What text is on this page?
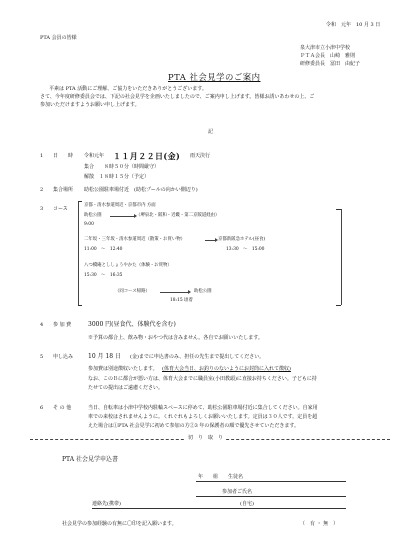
令和　元年　10 月 3 日
PTA 会員の皆様
泉大津市立小津中学校
ＰＴＡ会長　山崎　雅則
研修委員長　冨田　由紀子
PTA 社会見学のご案内
平素は PTA 活動にご理解、ご協力をいただきありがとうございます。
さて、今年度研修委員会では、下記の社会見学を企画いたしましたので、ご案内申し上げます。皆様お誘いあわせの上、ご
参加いただけますようお願い申し上げます。
記
1 日　　時 令和元年 １１月２２日(金) 雨天決行
集合　　８時５０分（時間厳守）
解散　１８時１５分（予定）
2 集合場所 助松公園駐車場付近　(助松プールの向かい側辺り)
3 コース
京都・清水参道周辺・京都市内 方面
助松公園	（堺泉北・阪和・近畿・第二京阪道経由）
9:00
二年坂・三年坂・清水参道周辺（散策・お買い物）	京都新阪急ホテル(昼食)
11:00　～　12:40	13:30　～　15:00
八つ橋庵とししょうやかた（体験・お買物）
15:30　～　16:35
（同コース帰路）	助松公園
18:15 頃着
4 参 加 費	3000 円(昼食代、体験代を含む)
※予算の都合上、飲み物・おやつ代は含みません。各自でお願いいたします。
5 申し込み 10 月 18 日 (金)までに申込書のみ、担任の先生まで提出してください。
参加費は別途徴収いたします。 (体育大会当日、お釣りのないようにお封筒に入れて徴収)
なお、このＢに都合が悪い方は、体育大会までに職員室(小田教頭)に直接お持ちください。子どもに持
たせての提出はご遠慮ください。
6 そ の 他	当日、自転車は小津中学校内駐輪スペースに停めて、助松公園駐車場付近に集合してください。自家用
車での来校はされませんように。くれぐれもよろしくお願いいたします。定員は３０人です。定員を超
えた場合は①PTA 社会見学に初めて参加の方②3 年の保護者の順で優先させていただきます。
切　り　取　り
PTA 社会見学申込書
年　　組　　生徒名
参加者ご氏名
連絡先(携帯)	(自宅)
社会見学の参加経験の有無に〇印を記入願います。	（　有 ・ 無　）
